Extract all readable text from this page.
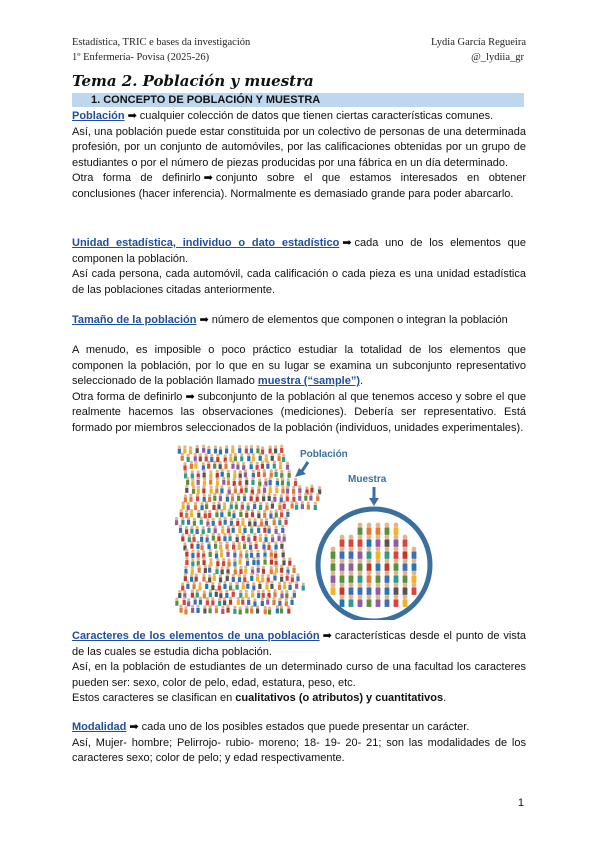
Estadística, TRIC e bases da investigación
1º Enfermería- Povisa (2025-26)
Lydia García Regueira
@_lydiia_gr
Tema 2. Población y muestra
1. CONCEPTO DE POBLACIÓN Y MUESTRA
Población ➡ cualquier colección de datos que tienen ciertas características comunes.
Así, una población puede estar constituida por un colectivo de personas de una determinada profesión, por un conjunto de automóviles, por las calificaciones obtenidas por un grupo de estudiantes o por el número de piezas producidas por una fábrica en un día determinado.
Otra forma de definirlo ➡ conjunto sobre el que estamos interesados en obtener conclusiones (hacer inferencia). Normalmente es demasiado grande para poder abarcarlo.
Unidad estadística, individuo o dato estadístico ➡ cada uno de los elementos que componen la población.
Así cada persona, cada automóvil, cada calificación o cada pieza es una unidad estadística de las poblaciones citadas anteriormente.
Tamaño de la población ➡ número de elementos que componen o integran la población
A menudo, es imposible o poco práctico estudiar la totalidad de los elementos que componen la población, por lo que en su lugar se examina un subconjunto representativo seleccionado de la población llamado muestra (“sample”).
Otra forma de definirlo ➡ subconjunto de la población al que tenemos acceso y sobre el que realmente hacemos las observaciones (mediciones). Debería ser representativo. Está formado por miembros seleccionados de la población (individuos, unidades experimentales).
Población
Muestra
Caracteres de los elementos de una población ➡ características desde el punto de vista de las cuales se estudia dicha población.
Así, en la población de estudiantes de un determinado curso de una facultad los caracteres pueden ser: sexo, color de pelo, edad, estatura, peso, etc.
Estos caracteres se clasifican en cualitativos (o atributos) y cuantitativos.
Modalidad ➡ cada uno de los posibles estados que puede presentar un carácter.
Así, Mujer- hombre; Pelirrojo- rubio- moreno; 18- 19- 20- 21; son las modalidades de los caracteres sexo; color de pelo; y edad respectivamente.
1
